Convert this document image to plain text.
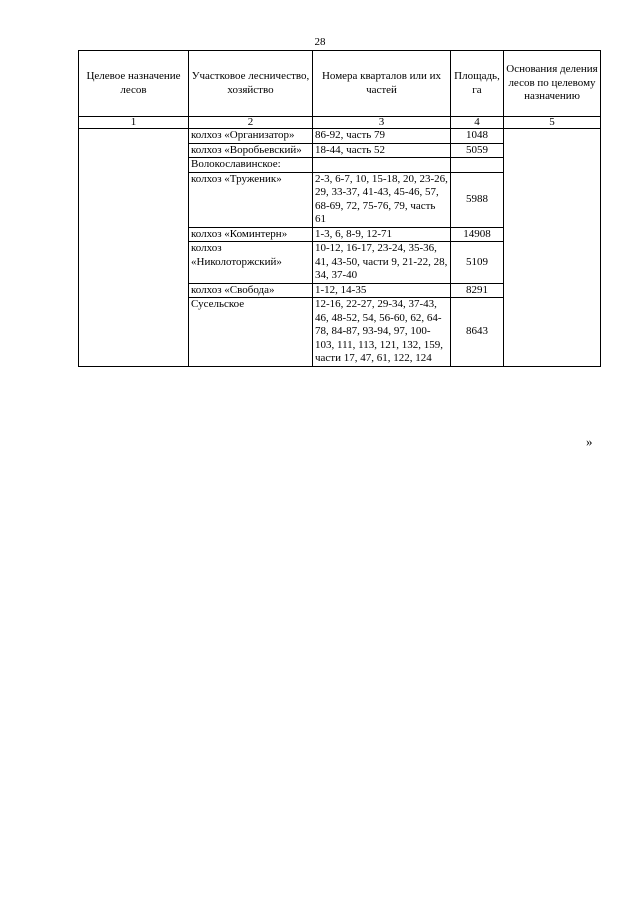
28
Целевое назначение лесов	Участковое лесничество, хозяйство	Номера кварталов или их частей	Площадь, га	Основания деления лесов по целевому назначению
1	2	3	4	5
	колхоз «Организатор»	86-92, часть 79	1048	
	колхоз «Воробьевский»	18-44, часть 52	5059	
	Волокославинское:			
	колхоз «Труженик»	2-3, 6-7, 10, 15-18, 20, 23-26, 29, 33-37, 41-43, 45-46, 57, 68-69, 72, 75-76, 79, часть 61	5988	
	колхоз «Коминтерн»	1-3, 6, 8-9, 12-71	14908	
	колхоз «Николоторжский»	10-12, 16-17, 23-24, 35-36, 41, 43-50, части 9, 21-22, 28, 34, 37-40	5109	
	колхоз «Свобода»	1-12, 14-35	8291	
	Сусельское	12-16, 22-27, 29-34, 37-43, 46, 48-52, 54, 56-60, 62, 64-78, 84-87, 93-94, 97, 100-103, 111, 113, 121, 132, 159, части 17, 47, 61, 122, 124	8643	
»
